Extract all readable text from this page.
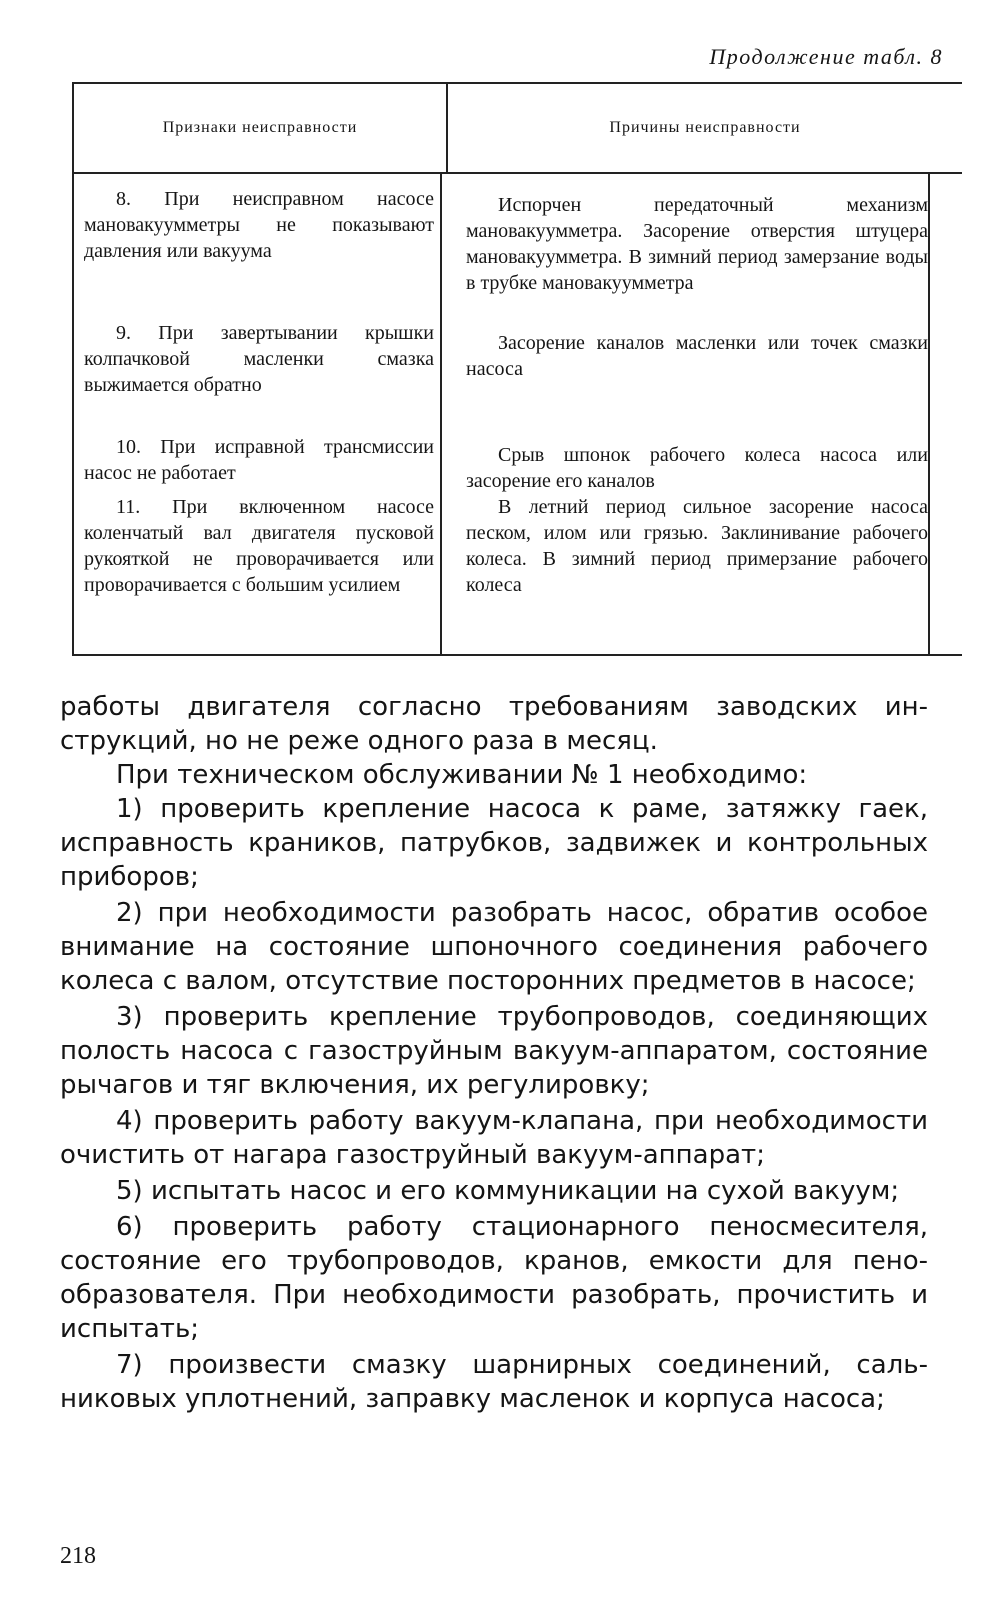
Продолжение табл. 8
Признаки неисправности	Причины неисправности
8. При неисправном насосе мановакуумметры не показывают давления или вакуума
Испорчен передаточный механизм мановакуумметра. Засорение отверстия штуцера мановакуумметра. В зимний период замерзание воды в трубке мановакуумметра
9. При завертывании крышки колпачковой масленки смазка выжимается обратно
Засорение каналов масленки или точек смазки насоса
10. При исправной трансмиссии насос не работает
Срыв шпонок рабочего колеса насоса или засорение его каналов
11. При включенном насосе коленчатый вал двигателя пусковой рукояткой не проворачивается или проворачивается с большим усилием
В летний период сильное засорение насоса песком, илом или грязью. Заклинивание рабочего колеса. В зимний период примерзание рабочего колеса

работы двигателя согласно требованиям заводских инструкций, но не реже одного раза в месяц.

При техническом обслуживании № 1 необходимо:

1) проверить крепление насоса к раме, затяжку гаек, исправность краников, патрубков, задвижек и контрольных приборов;

2) при необходимости разобрать насос, обратив особое внимание на состояние шпоночного соединения рабочего колеса с валом, отсутствие посторонних предметов в насосе;

3) проверить крепление трубопроводов, соединяющих полость насоса с газоструйным вакуум-аппаратом, состояние рычагов и тяг включения, их регулировку;

4) проверить работу вакуум-клапана, при необходимости очистить от нагара газоструйный вакуум-аппарат;

5) испытать насос и его коммуникации на сухой вакуум;

6) проверить работу стационарного пеносмесителя, состояние его трубопроводов, кранов, емкости для пенообразователя. При необходимости разобрать, прочистить и испытать;

7) произвести смазку шарнирных соединений, сальниковых уплотнений, заправку масленок и корпуса насоса;

218
